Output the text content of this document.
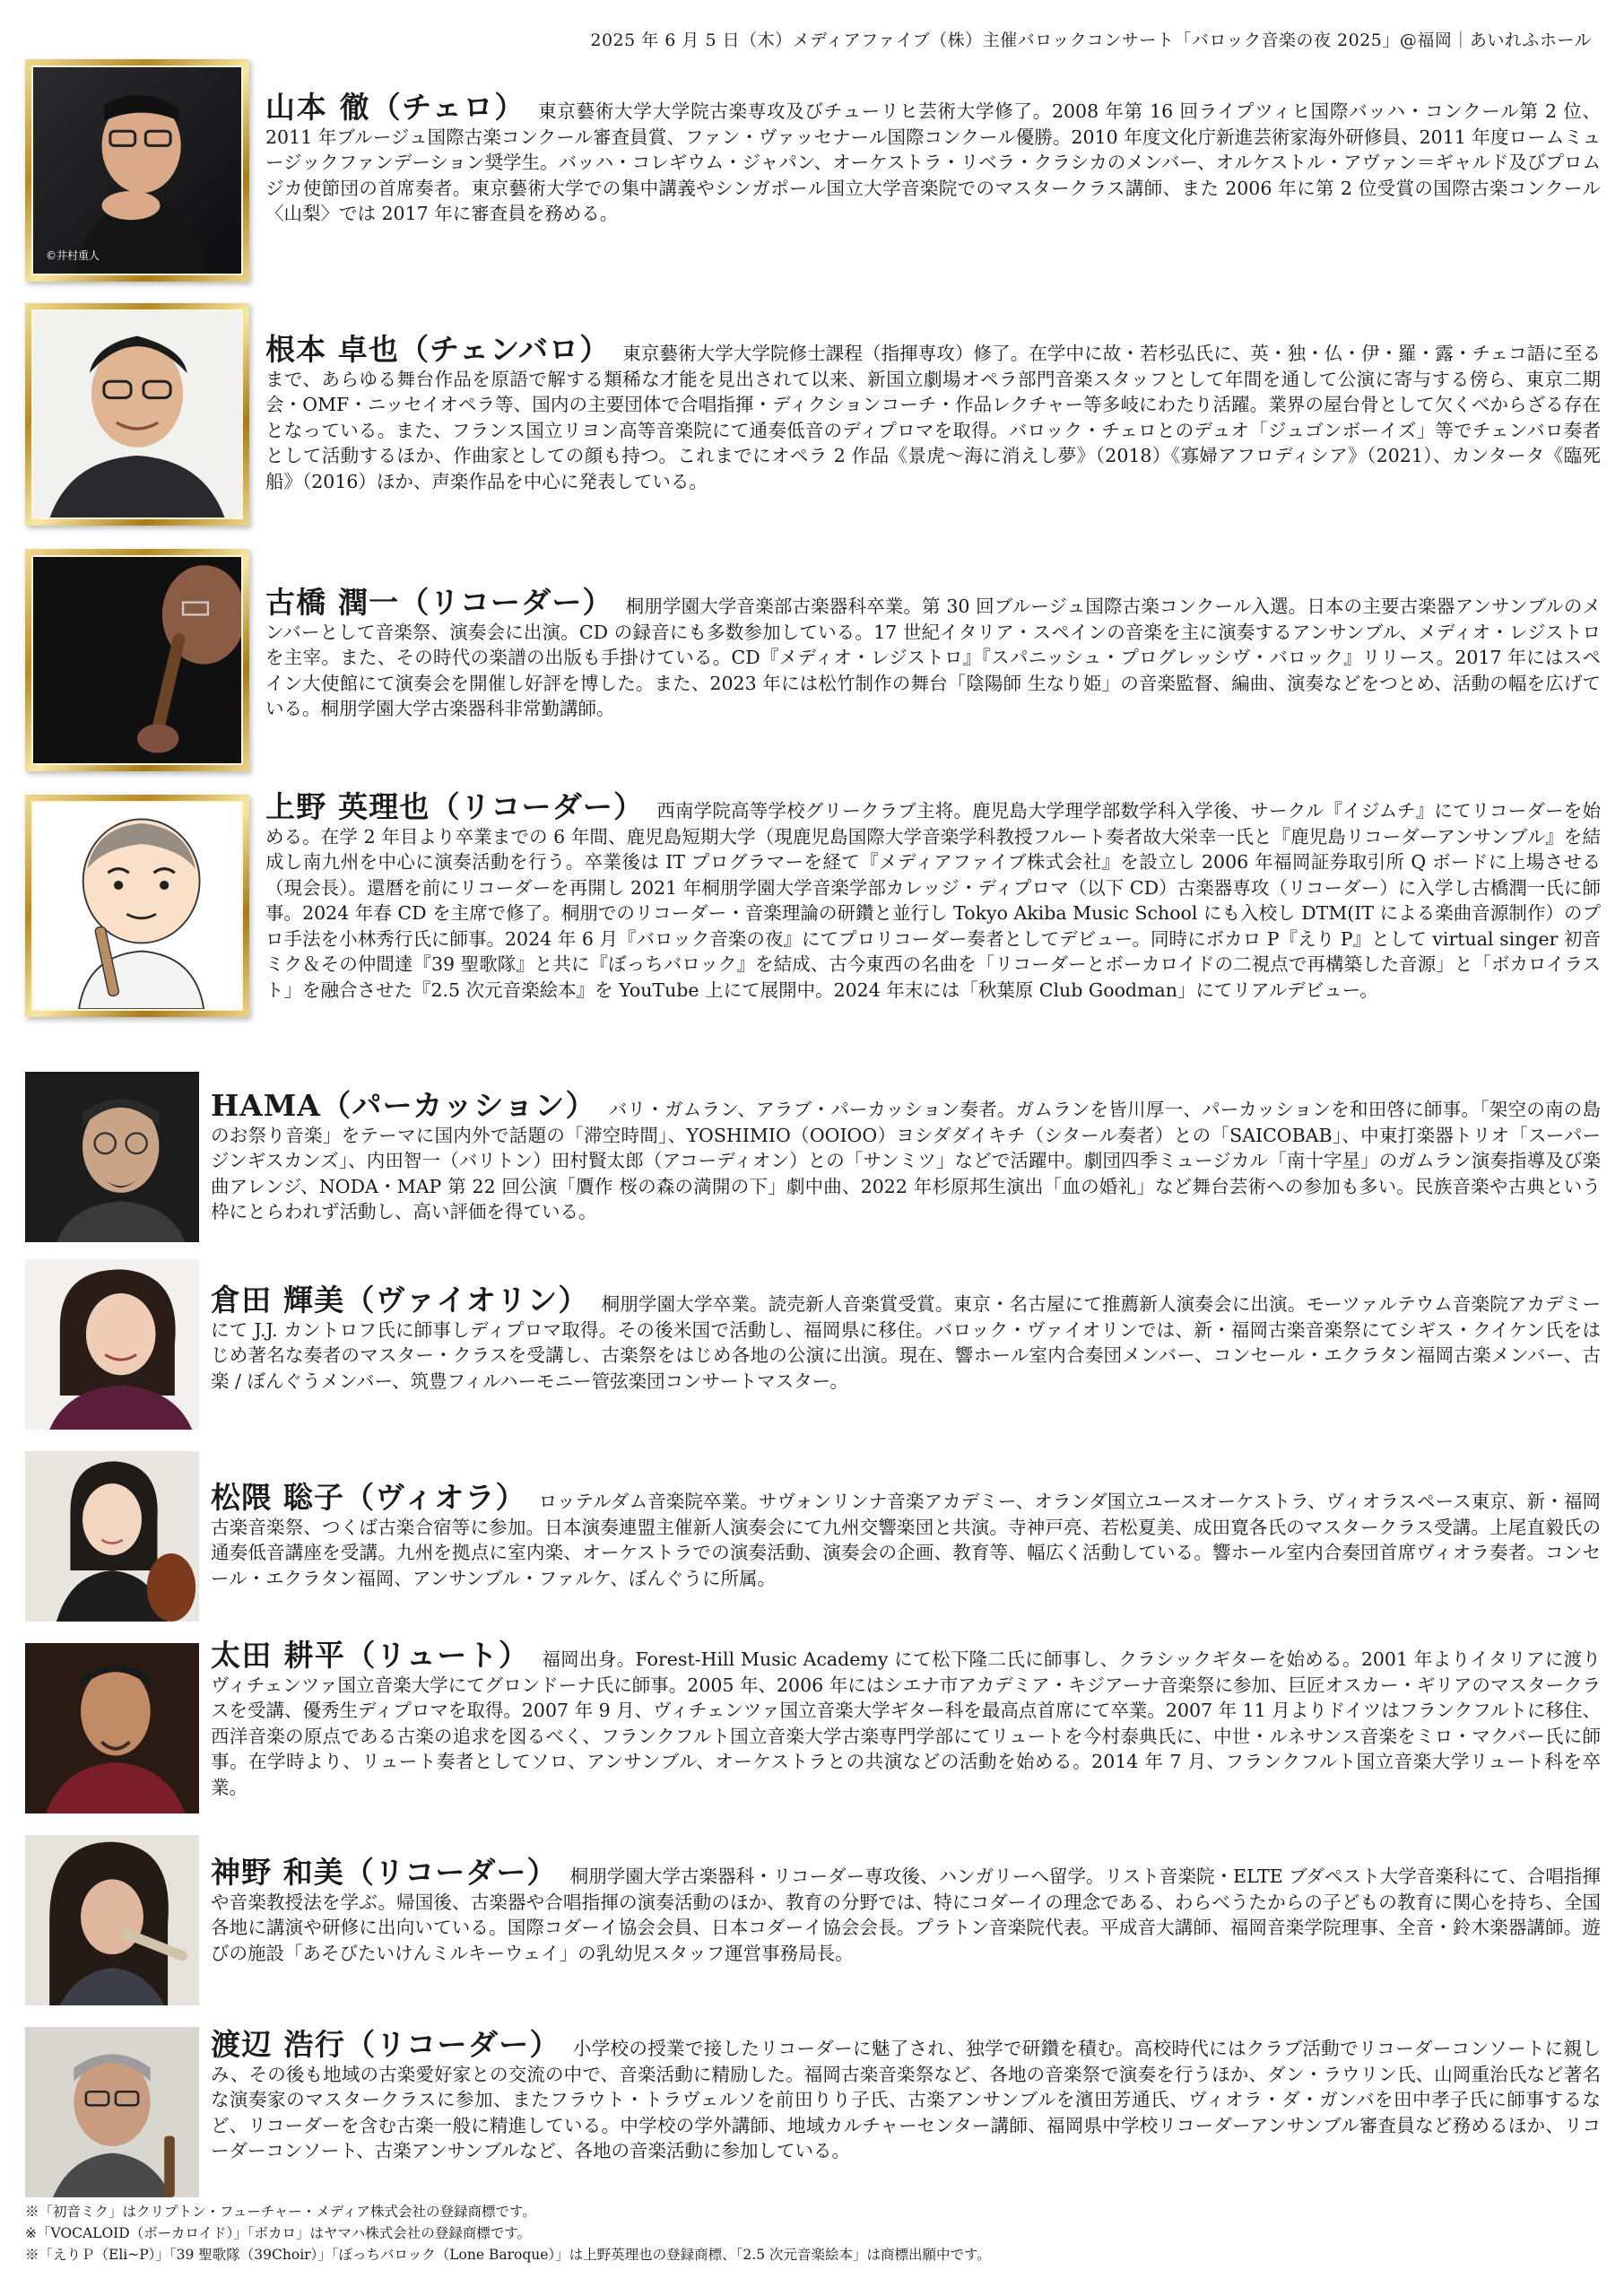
2025 年 6 月 5 日（木）メディアファイブ（株）主催バロックコンサート「バロック音楽の夜 2025」@福岡｜あいれふホール
©井村重人
山本 徹（チェロ） 東京藝術大学大学院古楽専攻及びチューリヒ芸術大学修了。2008 年第 16 回ライプツィヒ国際バッハ・コンクール第 2 位、2011 年ブルージュ国際古楽コンクール審査員賞、ファン・ヴァッセナール国際コンクール優勝。2010 年度文化庁新進芸術家海外研修員、2011 年度ロームミュージックファンデーション奨学生。バッハ・コレギウム・ジャパン、オーケストラ・リベラ・クラシカのメンバー、オルケストル・アヴァン＝ギャルド及びプロムジカ使節団の首席奏者。東京藝術大学での集中講義やシンガポール国立大学音楽院でのマスタークラス講師、また 2006 年に第 2 位受賞の国際古楽コンクール〈山梨〉では 2017 年に審査員を務める。
根本 卓也（チェンバロ） 東京藝術大学大学院修士課程（指揮専攻）修了。在学中に故・若杉弘氏に、英・独・仏・伊・羅・露・チェコ語に至るまで、あらゆる舞台作品を原語で解する類稀な才能を見出されて以来、新国立劇場オペラ部門音楽スタッフとして年間を通して公演に寄与する傍ら、東京二期会・OMF・ニッセイオペラ等、国内の主要団体で合唱指揮・ディクションコーチ・作品レクチャー等多岐にわたり活躍。業界の屋台骨として欠くべからざる存在となっている。また、フランス国立リヨン高等音楽院にて通奏低音のディプロマを取得。バロック・チェロとのデュオ「ジュゴンボーイズ」等でチェンバロ奏者として活動するほか、作曲家としての顔も持つ。これまでにオペラ 2 作品《景虎～海に消えし夢》（2018）《寡婦アフロディシア》（2021）、カンタータ《臨死船》（2016）ほか、声楽作品を中心に発表している。
古橋 潤一（リコーダー） 桐朋学園大学音楽部古楽器科卒業。第 30 回ブルージュ国際古楽コンクール入選。日本の主要古楽器アンサンブルのメンバーとして音楽祭、演奏会に出演。CD の録音にも多数参加している。17 世紀イタリア・スペインの音楽を主に演奏するアンサンブル、メディオ・レジストロを主宰。また、その時代の楽譜の出版も手掛けている。CD『メディオ・レジストロ』『スパニッシュ・プログレッシヴ・バロック』リリース。2017 年にはスペイン大使館にて演奏会を開催し好評を博した。また、2023 年には松竹制作の舞台「陰陽師 生なり姫」の音楽監督、編曲、演奏などをつとめ、活動の幅を広げている。桐朋学園大学古楽器科非常勤講師。
上野 英理也（リコーダー） 西南学院高等学校グリークラブ主将。鹿児島大学理学部数学科入学後、サークル『イジムチ』にてリコーダーを始める。在学 2 年目より卒業までの 6 年間、鹿児島短期大学（現鹿児島国際大学音楽学科教授フルート奏者故大栄幸一氏と『鹿児島リコーダーアンサンブル』を結成し南九州を中心に演奏活動を行う。卒業後は IT プログラマーを経て『メディアファイブ株式会社』を設立し 2006 年福岡証券取引所 Q ボードに上場させる（現会長）。還暦を前にリコーダーを再開し 2021 年桐朋学園大学音楽学部カレッジ・ディプロマ（以下 CD）古楽器専攻（リコーダー）に入学し古橋潤一氏に師事。2024 年春 CD を主席で修了。桐朋でのリコーダー・音楽理論の研鑽と並行し Tokyo Akiba Music School にも入校し DTM(IT による楽曲音源制作）のプロ手法を小林秀行氏に師事。2024 年 6 月『バロック音楽の夜』にてプロリコーダー奏者としてデビュー。同時にボカロ P『えり P』として virtual singer 初音ミク＆その仲間達『39 聖歌隊』と共に『ぼっちバロック』を結成、古今東西の名曲を「リコーダーとボーカロイドの二視点で再構築した音源」と「ボカロイラスト」を融合させた『2.5 次元音楽絵本』を YouTube 上にて展開中。2024 年末には「秋葉原 Club Goodman」にてリアルデビュー。
HAMA（パーカッション） バリ・ガムラン、アラブ・パーカッション奏者。ガムランを皆川厚一、パーカッションを和田啓に師事。「架空の南の島のお祭り音楽」をテーマに国内外で話題の「滞空時間」、YOSHIMIO（OOIOO）ヨシダダイキチ（シタール奏者）との「SAICOBAB」、中東打楽器トリオ「スーパージンギスカンズ」、内田智一（バリトン）田村賢太郎（アコーディオン）との「サンミツ」などで活躍中。劇団四季ミュージカル「南十字星」のガムラン演奏指導及び楽曲アレンジ、NODA・MAP 第 22 回公演「贋作 桜の森の満開の下」劇中曲、2022 年杉原邦生演出「血の婚礼」など舞台芸術への参加も多い。民族音楽や古典という枠にとらわれず活動し、高い評価を得ている。
倉田 輝美（ヴァイオリン） 桐朋学園大学卒業。読売新人音楽賞受賞。東京・名古屋にて推薦新人演奏会に出演。モーツァルテウム音楽院アカデミーにて J.J. カントロフ氏に師事しディプロマ取得。その後米国で活動し、福岡県に移住。バロック・ヴァイオリンでは、新・福岡古楽音楽祭にてシギス・クイケン氏をはじめ著名な奏者のマスター・クラスを受講し、古楽祭をはじめ各地の公演に出演。現在、響ホール室内合奏団メンバー、コンセール・エクラタン福岡古楽メンバー、古楽 / ぼんぐうメンバー、筑豊フィルハーモニー管弦楽団コンサートマスター。
松隈 聡子（ヴィオラ） ロッテルダム音楽院卒業。サヴォンリンナ音楽アカデミー、オランダ国立ユースオーケストラ、ヴィオラスペース東京、新・福岡古楽音楽祭、つくば古楽合宿等に参加。日本演奏連盟主催新人演奏会にて九州交響楽団と共演。寺神戸亮、若松夏美、成田寛各氏のマスタークラス受講。上尾直毅氏の通奏低音講座を受講。九州を拠点に室内楽、オーケストラでの演奏活動、演奏会の企画、教育等、幅広く活動している。響ホール室内合奏団首席ヴィオラ奏者。コンセール・エクラタン福岡、アンサンブル・ファルケ、ぼんぐうに所属。
太田 耕平（リュート） 福岡出身。Forest-Hill Music Academy にて松下隆二氏に師事し、クラシックギターを始める。2001 年よりイタリアに渡りヴィチェンツァ国立音楽大学にてグロンドーナ氏に師事。2005 年、2006 年にはシエナ市アカデミア・キジアーナ音楽祭に参加、巨匠オスカー・ギリアのマスタークラスを受講、優秀生ディプロマを取得。2007 年 9 月、ヴィチェンツァ国立音楽大学ギター科を最高点首席にて卒業。2007 年 11 月よりドイツはフランクフルトに移住、西洋音楽の原点である古楽の追求を図るべく、フランクフルト国立音楽大学古楽専門学部にてリュートを今村泰典氏に、中世・ルネサンス音楽をミロ・マクバー氏に師事。在学時より、リュート奏者としてソロ、アンサンブル、オーケストラとの共演などの活動を始める。2014 年 7 月、フランクフルト国立音楽大学リュート科を卒業。
神野 和美（リコーダー） 桐朋学園大学古楽器科・リコーダー専攻後、ハンガリーへ留学。リスト音楽院・ELTE ブダペスト大学音楽科にて、合唱指揮や音楽教授法を学ぶ。帰国後、古楽器や合唱指揮の演奏活動のほか、教育の分野では、特にコダーイの理念である、わらべうたからの子どもの教育に関心を持ち、全国各地に講演や研修に出向いている。国際コダーイ協会会員、日本コダーイ協会会長。プラトン音楽院代表。平成音大講師、福岡音楽学院理事、全音・鈴木楽器講師。遊びの施設「あそびたいけんミルキーウェイ」の乳幼児スタッフ運営事務局長。
渡辺 浩行（リコーダー） 小学校の授業で接したリコーダーに魅了され、独学で研鑽を積む。高校時代にはクラブ活動でリコーダーコンソートに親しみ、その後も地域の古楽愛好家との交流の中で、音楽活動に精励した。福岡古楽音楽祭など、各地の音楽祭で演奏を行うほか、ダン・ラウリン氏、山岡重治氏など著名な演奏家のマスタークラスに参加、またフラウト・トラヴェルソを前田りり子氏、古楽アンサンブルを濱田芳通氏、ヴィオラ・ダ・ガンバを田中孝子氏に師事するなど、リコーダーを含む古楽一般に精進している。中学校の学外講師、地域カルチャーセンター講師、福岡県中学校リコーダーアンサンブル審査員など務めるほか、リコーダーコンソート、古楽アンサンブルなど、各地の音楽活動に参加している。
※「初音ミク」はクリプトン・フューチャー・メディア株式会社の登録商標です。
※「VOCALOID（ボーカロイド）」「ボカロ」はヤマハ株式会社の登録商標です。
※「えりＰ（Eli~P）」「39 聖歌隊（39Choir）」「ぼっちバロック（Lone Baroque）」は上野英理也の登録商標、「2.5 次元音楽絵本」は商標出願中です。
